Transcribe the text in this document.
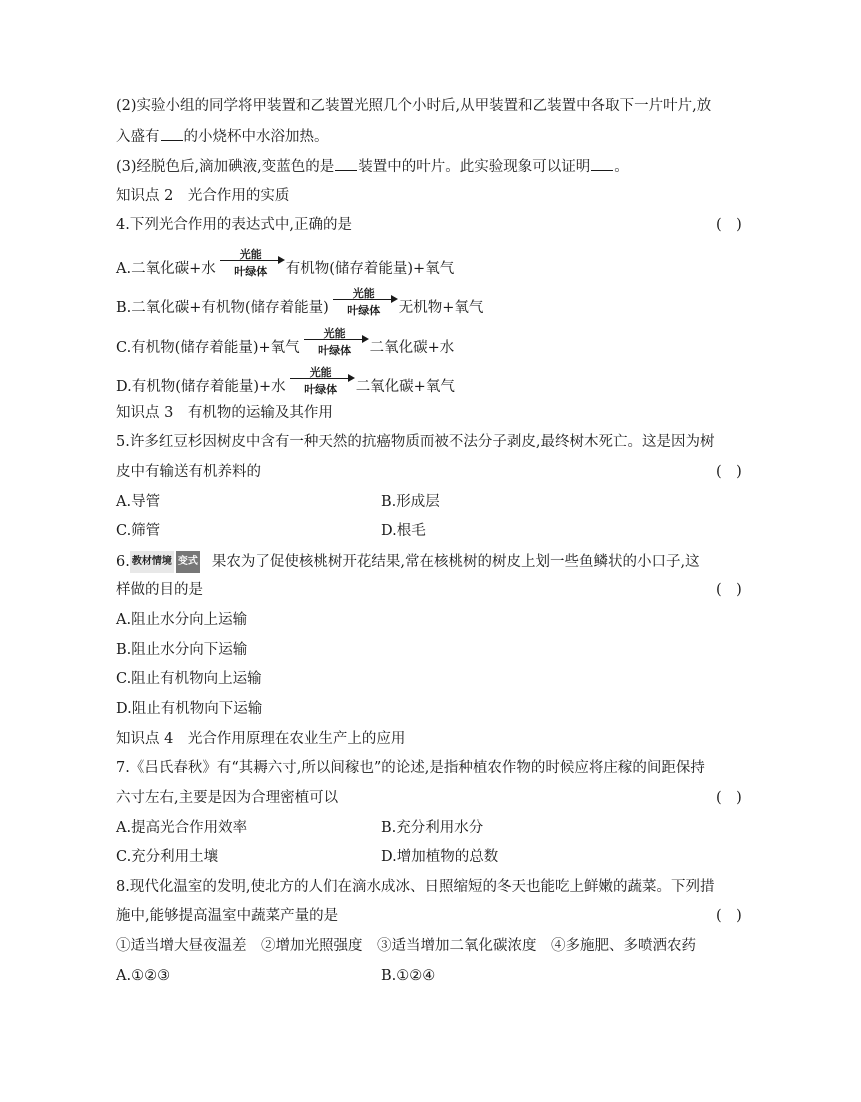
(2)实验小组的同学将甲装置和乙装置光照几个小时后,从甲装置和乙装置中各取下一片叶片,放
入盛有 的小烧杯中水浴加热。
(3)经脱色后,滴加碘液,变蓝色的是 装置中的叶片。此实验现象可以证明 。
知识点 2　光合作用的实质
4.下列光合作用的表达式中,正确的是	(　)
A.二氧化碳+水
光能
叶绿体	有机物(储存着能量)+氧气
B.二氧化碳+有机物(储存着能量)
光能
叶绿体	无机物+氧气
C.有机物(储存着能量)+氧气
光能
叶绿体	二氧化碳+水
D.有机物(储存着能量)+水
光能
叶绿体	二氧化碳+氧气
知识点 3　有机物的运输及其作用
5.许多红豆杉因树皮中含有一种天然的抗癌物质而被不法分子剥皮,最终树木死亡。这是因为树
皮中有输送有机养料的	(　)
A.导管	B.形成层
C.筛管	D.根毛
6. 教材情境 变式 果农为了促使核桃树开花结果,常在核桃树的树皮上划一些鱼鳞状的小口子,这
样做的目的是	(　)
A.阻止水分向上运输
B.阻止水分向下运输
C.阻止有机物向上运输
D.阻止有机物向下运输
知识点 4　光合作用原理在农业生产上的应用
7.《吕氏春秋》有“其耨六寸,所以间稼也”的论述,是指种植农作物的时候应将庄稼的间距保持
六寸左右,主要是因为合理密植可以	(　)
A.提高光合作用效率	B.充分利用水分
C.充分利用土壤	D.增加植物的总数
8.现代化温室的发明,使北方的人们在滴水成冰、日照缩短的冬天也能吃上鲜嫩的蔬菜。下列措
施中,能够提高温室中蔬菜产量的是	(　)
①适当增大昼夜温差　②增加光照强度　③适当增加二氧化碳浓度　④多施肥、多喷洒农药
A.①②③	B.①②④
